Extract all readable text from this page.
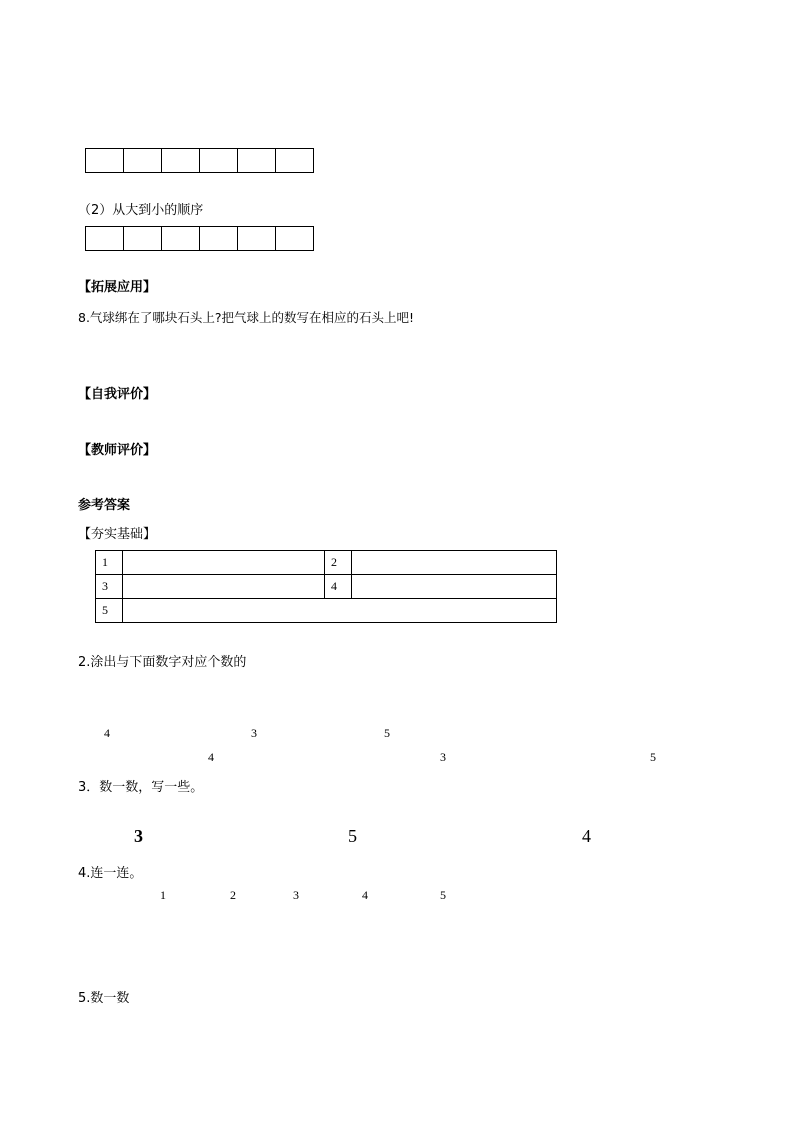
（2）从大到小的顺序
【拓展应用】
8.气球绑在了哪块石头上?把气球上的数写在相应的石头上吧!
【自我评价】
【教师评价】
参考答案
【夯实基础】
1		2	
3		4	
5			
2.涂出与下面数字对应个数的
4	3	5
4	3	5
3．数一数，写一些。
3	5	4
4.连一连。
1	2	3	4	5
5.数一数
